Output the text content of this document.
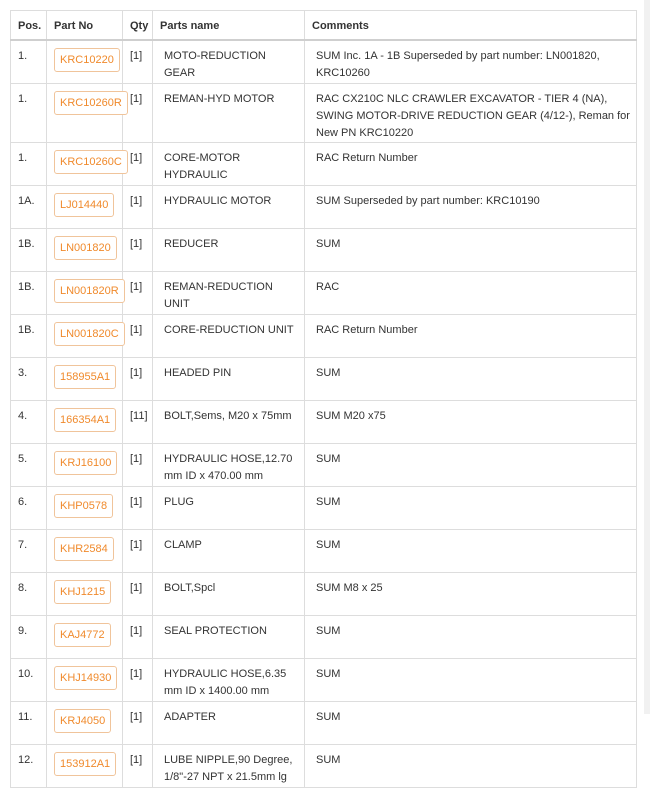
Pos.	Part No	Qty	Parts name	Comments
1.	KRC10220	[1]	MOTO-REDUCTION GEAR	SUM Inc. 1A - 1B Superseded by part number: LN001820, KRC10260
1.	KRC10260R	[1]	REMAN-HYD MOTOR	RAC CX210C NLC CRAWLER EXCAVATOR - TIER 4 (NA), SWING MOTOR-DRIVE REDUCTION GEAR (4/12-), Reman for New PN KRC10220
1.	KRC10260C	[1]	CORE-MOTOR HYDRAULIC	RAC Return Number
1A.	LJ014440	[1]	HYDRAULIC MOTOR	SUM Superseded by part number: KRC10190
1B.	LN001820	[1]	REDUCER	SUM
1B.	LN001820R	[1]	REMAN-REDUCTION UNIT	RAC
1B.	LN001820C	[1]	CORE-REDUCTION UNIT	RAC Return Number
3.	158955A1	[1]	HEADED PIN	SUM
4.	166354A1	[11]	BOLT,Sems, M20 x 75mm	SUM M20 x75
5.	KRJ16100	[1]	HYDRAULIC HOSE,12.70 mm ID x 470.00 mm	SUM
6.	KHP0578	[1]	PLUG	SUM
7.	KHR2584	[1]	CLAMP	SUM
8.	KHJ1215	[1]	BOLT,Spcl	SUM M8 x 25
9.	KAJ4772	[1]	SEAL PROTECTION	SUM
10.	KHJ14930	[1]	HYDRAULIC HOSE,6.35 mm ID x 1400.00 mm	SUM
11.	KRJ4050	[1]	ADAPTER	SUM
12.	153912A1	[1]	LUBE NIPPLE,90 Degree, 1/8"-27 NPT x 21.5mm lg	SUM
